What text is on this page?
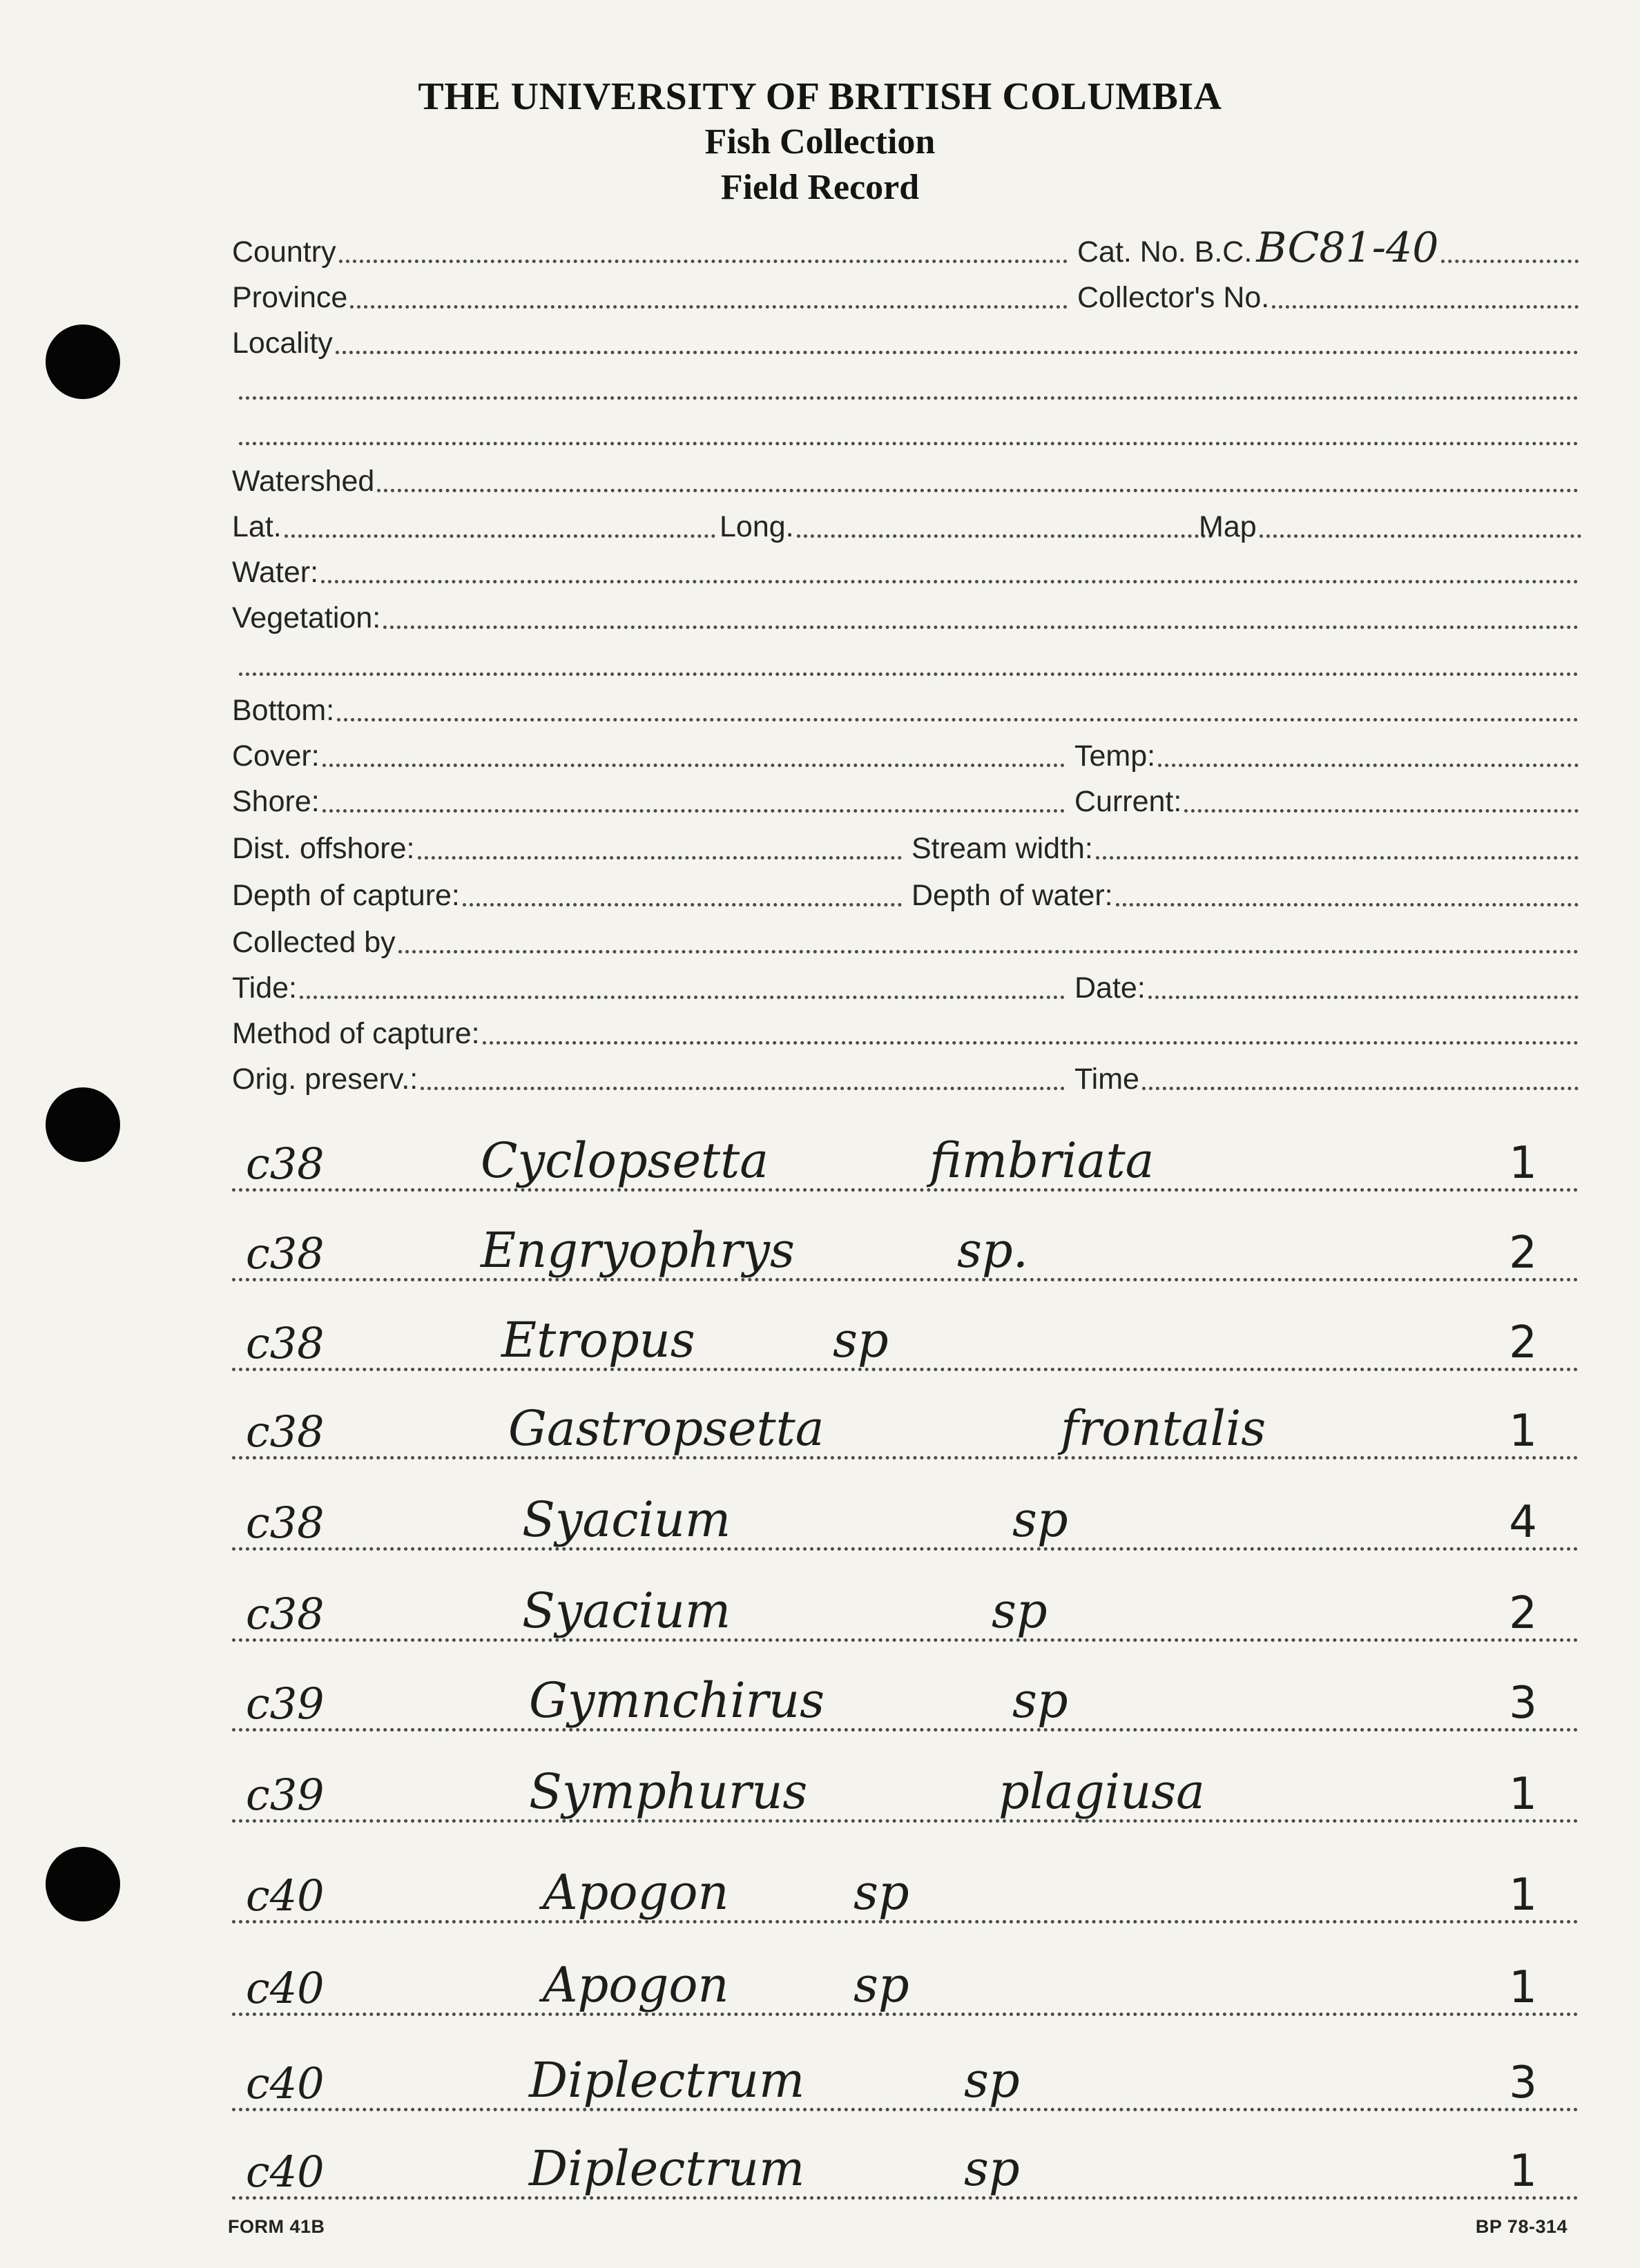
THE UNIVERSITY OF BRITISH COLUMBIA
Fish Collection
Field Record
Country	Cat. No. B.C. BC81-40
Province	Collector's No.
Locality
Watershed
Lat.	Long.	Map
Water:
Vegetation:
Bottom:
Cover:	Temp:
Shore:	Current:
Dist. offshore:	Stream width:
Depth of capture:	Depth of water:
Collected by
Tide:	Date:
Method of capture:
Orig. preserv.:	Time
c38	Cyclopsetta	fimbriata	1
c38	Engryophrys	sp.	2
c38	Etropus	sp	2
c38	Gastropsetta	frontalis	1
c38	Syacium	sp	4
c38	Syacium	sp	2
c39	Gymnchirus	sp	3
c39	Symphurus	plagiusa	1
c40	Apogon	sp	1
c40	Apogon	sp	1
c40	Diplectrum	sp	3
c40	Diplectrum	sp	1
FORM 41B	BP 78-314
